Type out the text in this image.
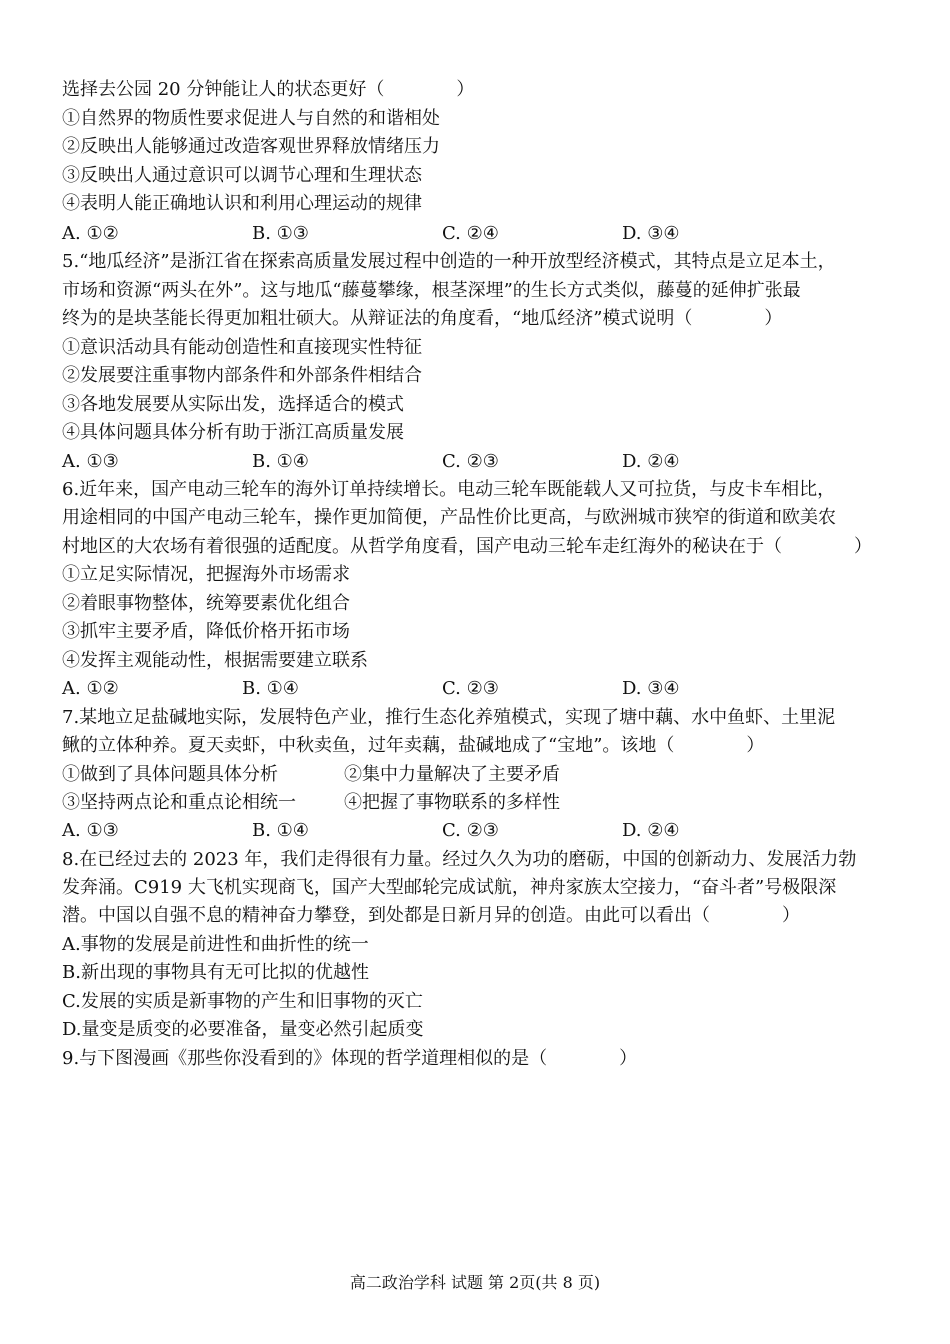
选择去公园 20 分钟能让人的状态更好（　　　　）
①自然界的物质性要求促进人与自然的和谐相处
②反映出人能够通过改造客观世界释放情绪压力
③反映出人通过意识可以调节心理和生理状态
④表明人能正确地认识和利用心理运动的规律
A. ①②	B. ①③	C. ②④	D. ③④
5.“地瓜经济”是浙江省在探索高质量发展过程中创造的一种开放型经济模式，其特点是立足本土，
市场和资源“两头在外”。这与地瓜“藤蔓攀缘，根茎深埋”的生长方式类似，藤蔓的延伸扩张最
终为的是块茎能长得更加粗壮硕大。从辩证法的角度看，“地瓜经济”模式说明（　　　　）
①意识活动具有能动创造性和直接现实性特征
②发展要注重事物内部条件和外部条件相结合
③各地发展要从实际出发，选择适合的模式
④具体问题具体分析有助于浙江高质量发展
A. ①③	B. ①④	C. ②③	D. ②④
6.近年来，国产电动三轮车的海外订单持续增长。电动三轮车既能载人又可拉货，与皮卡车相比，
用途相同的中国产电动三轮车，操作更加简便，产品性价比更高，与欧洲城市狭窄的街道和欧美农
村地区的大农场有着很强的适配度。从哲学角度看，国产电动三轮车走红海外的秘诀在于（　　　　）
①立足实际情况，把握海外市场需求
②着眼事物整体，统筹要素优化组合
③抓牢主要矛盾，降低价格开拓市场
④发挥主观能动性，根据需要建立联系
A. ①②	B. ①④	C. ②③	D. ③④
7.某地立足盐碱地实际，发展特色产业，推行生态化养殖模式，实现了塘中藕、水中鱼虾、土里泥
鳅的立体种养。夏天卖虾，中秋卖鱼，过年卖藕，盐碱地成了“宝地”。该地（　　　　）
①做到了具体问题具体分析	②集中力量解决了主要矛盾
③坚持两点论和重点论相统一	④把握了事物联系的多样性
A. ①③	B. ①④	C. ②③	D. ②④
8.在已经过去的 2023 年，我们走得很有力量。经过久久为功的磨砺，中国的创新动力、发展活力勃
发奔涌。C919 大飞机实现商飞，国产大型邮轮完成试航，神舟家族太空接力，“奋斗者”号极限深
潜。中国以自强不息的精神奋力攀登，到处都是日新月异的创造。由此可以看出（　　　　）
A.事物的发展是前进性和曲折性的统一
B.新出现的事物具有无可比拟的优越性
C.发展的实质是新事物的产生和旧事物的灭亡
D.量变是质变的必要准备，量变必然引起质变
9.与下图漫画《那些你没看到的》体现的哲学道理相似的是（　　　　）
高二政治学科 试题 第 2页(共 8 页)
